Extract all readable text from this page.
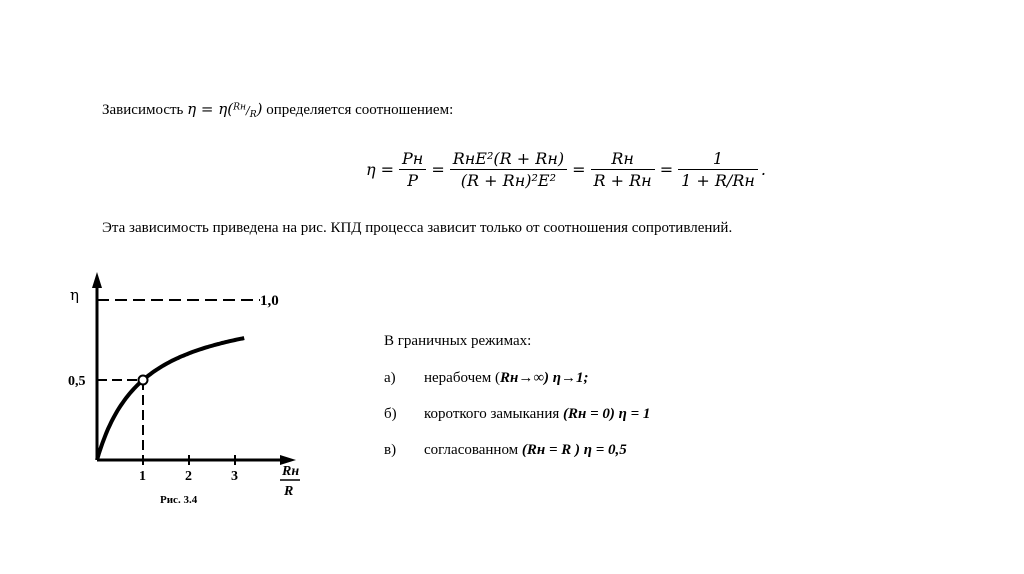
Зависимость $\eta = \eta(^{Rн}/_R)$ определяется соотношением:
$\eta = \frac{Pн}{P} = \frac{\text{RнE²(R + Rн)}}{\text{(R + Rн)²E²}} = \frac{Rн}{R + Rн} = \frac{1}{1 + R/Rн}$ .
Эта зависимость приведена на рис. КПД процесса зависит только от соотношения сопротивлений.
η	1,0
0,5
1	2	3	Rн
R
Рис. 3.4
В граничных режимах:
а) нерабочем (Rн→∞) η→1;
б) короткого замыкания (Rн = 0) η = 1
в) согласованном (Rн = R ) η = 0,5
